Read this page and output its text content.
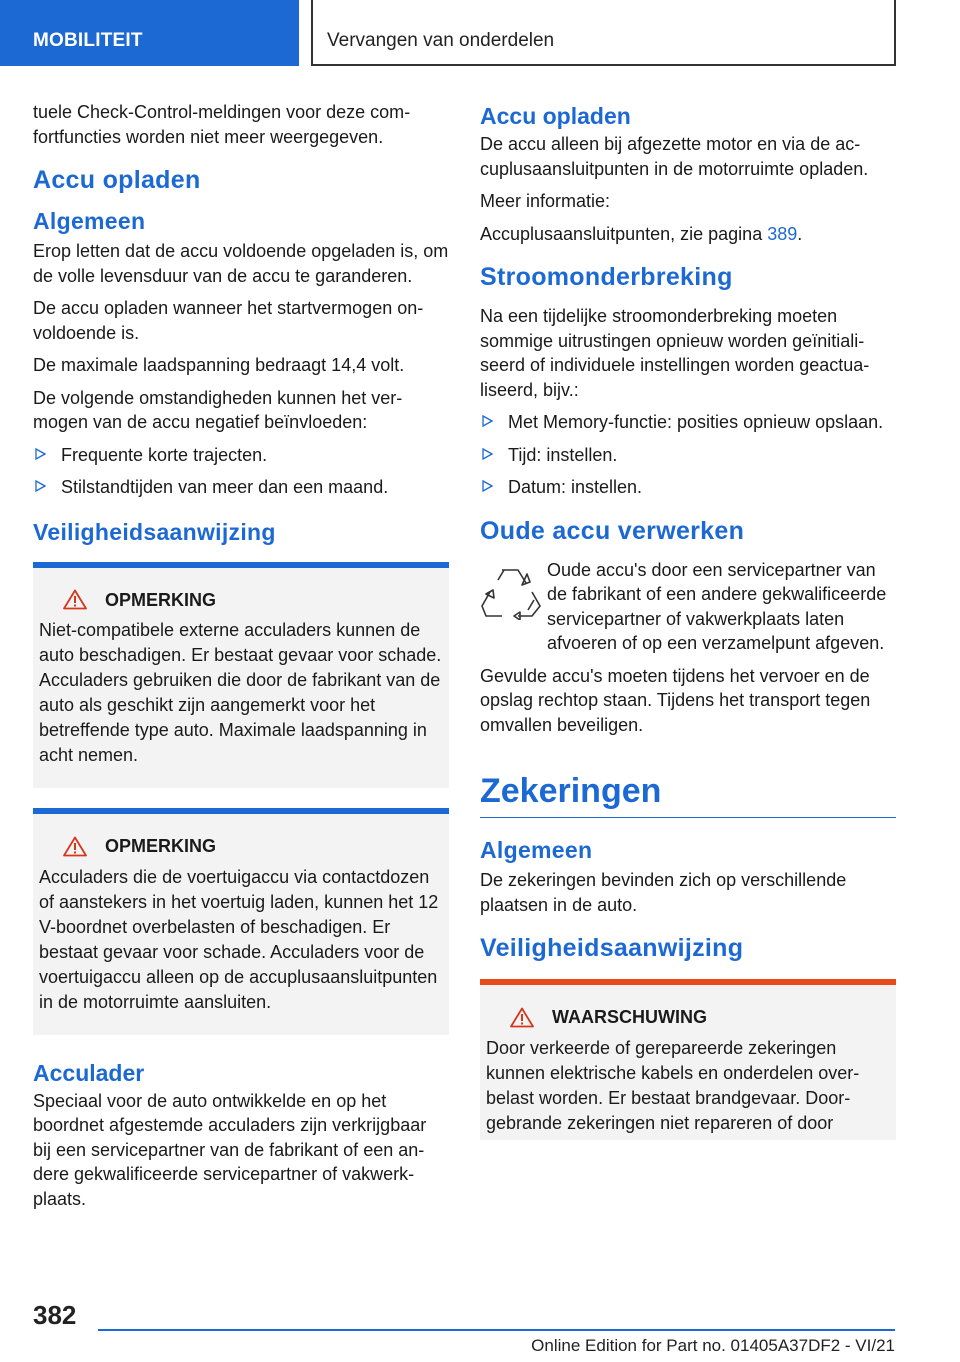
MOBILITEIT	Vervangen van onderdelen
tuele Check-Control-meldingen voor deze comfortfuncties worden niet meer weergegeven.
Accu opladen
Algemeen
Erop letten dat de accu voldoende opgeladen is, om de volle levensduur van de accu te garanderen.
De accu opladen wanneer het startvermogen onvoldoende is.
De maximale laadspanning bedraagt 14,4 volt.
De volgende omstandigheden kunnen het vermogen van de accu negatief beïnvloeden:
Frequente korte trajecten.
Stilstandtijden van meer dan een maand.
Veiligheidsaanwijzing
OPMERKING
Niet-compatibele externe acculaders kunnen de auto beschadigen. Er bestaat gevaar voor schade. Acculaders gebruiken die door de fabrikant van de auto als geschikt zijn aangemerkt voor het betreffende type auto. Maximale laadspanning in acht nemen.
OPMERKING
Acculaders die de voertuigaccu via contactdozen of aanstekers in het voertuig laden, kunnen het 12 V-boordnet overbelasten of beschadigen. Er bestaat gevaar voor schade. Acculaders voor de voertuigaccu alleen op de accuplusaansluitpunten in de motorruimte aansluiten.
Acculader
Speciaal voor de auto ontwikkelde en op het boordnet afgestemde acculaders zijn verkrijgbaar bij een servicepartner van de fabrikant of een andere gekwalificeerde servicepartner of vakwerkplaats.
Accu opladen
De accu alleen bij afgezette motor en via de accuplusaansluitpunten in de motorruimte opladen.
Meer informatie:
Accuplusaansluitpunten, zie pagina 389.
Stroomonderbreking
Na een tijdelijke stroomonderbreking moeten sommige uitrustingen opnieuw worden geïnitialiseerd of individuele instellingen worden geactualiseerd, bijv.:
Met Memory-functie: posities opnieuw opslaan.
Tijd: instellen.
Datum: instellen.
Oude accu verwerken
Oude accu's door een servicepartner van de fabrikant of een andere gekwalificeerde servicepartner of vakwerkplaats laten afvoeren of op een verzamelpunt afgeven.
Gevulde accu's moeten tijdens het vervoer en de opslag rechtop staan. Tijdens het transport tegen omvallen beveiligen.
Zekeringen
Algemeen
De zekeringen bevinden zich op verschillende plaatsen in de auto.
Veiligheidsaanwijzing
WAARSCHUWING
Door verkeerde of gerepareerde zekeringen kunnen elektrische kabels en onderdelen overbelast worden. Er bestaat brandgevaar. Doorgebrande zekeringen niet repareren of door
382
Online Edition for Part no. 01405A37DF2 - VI/21
